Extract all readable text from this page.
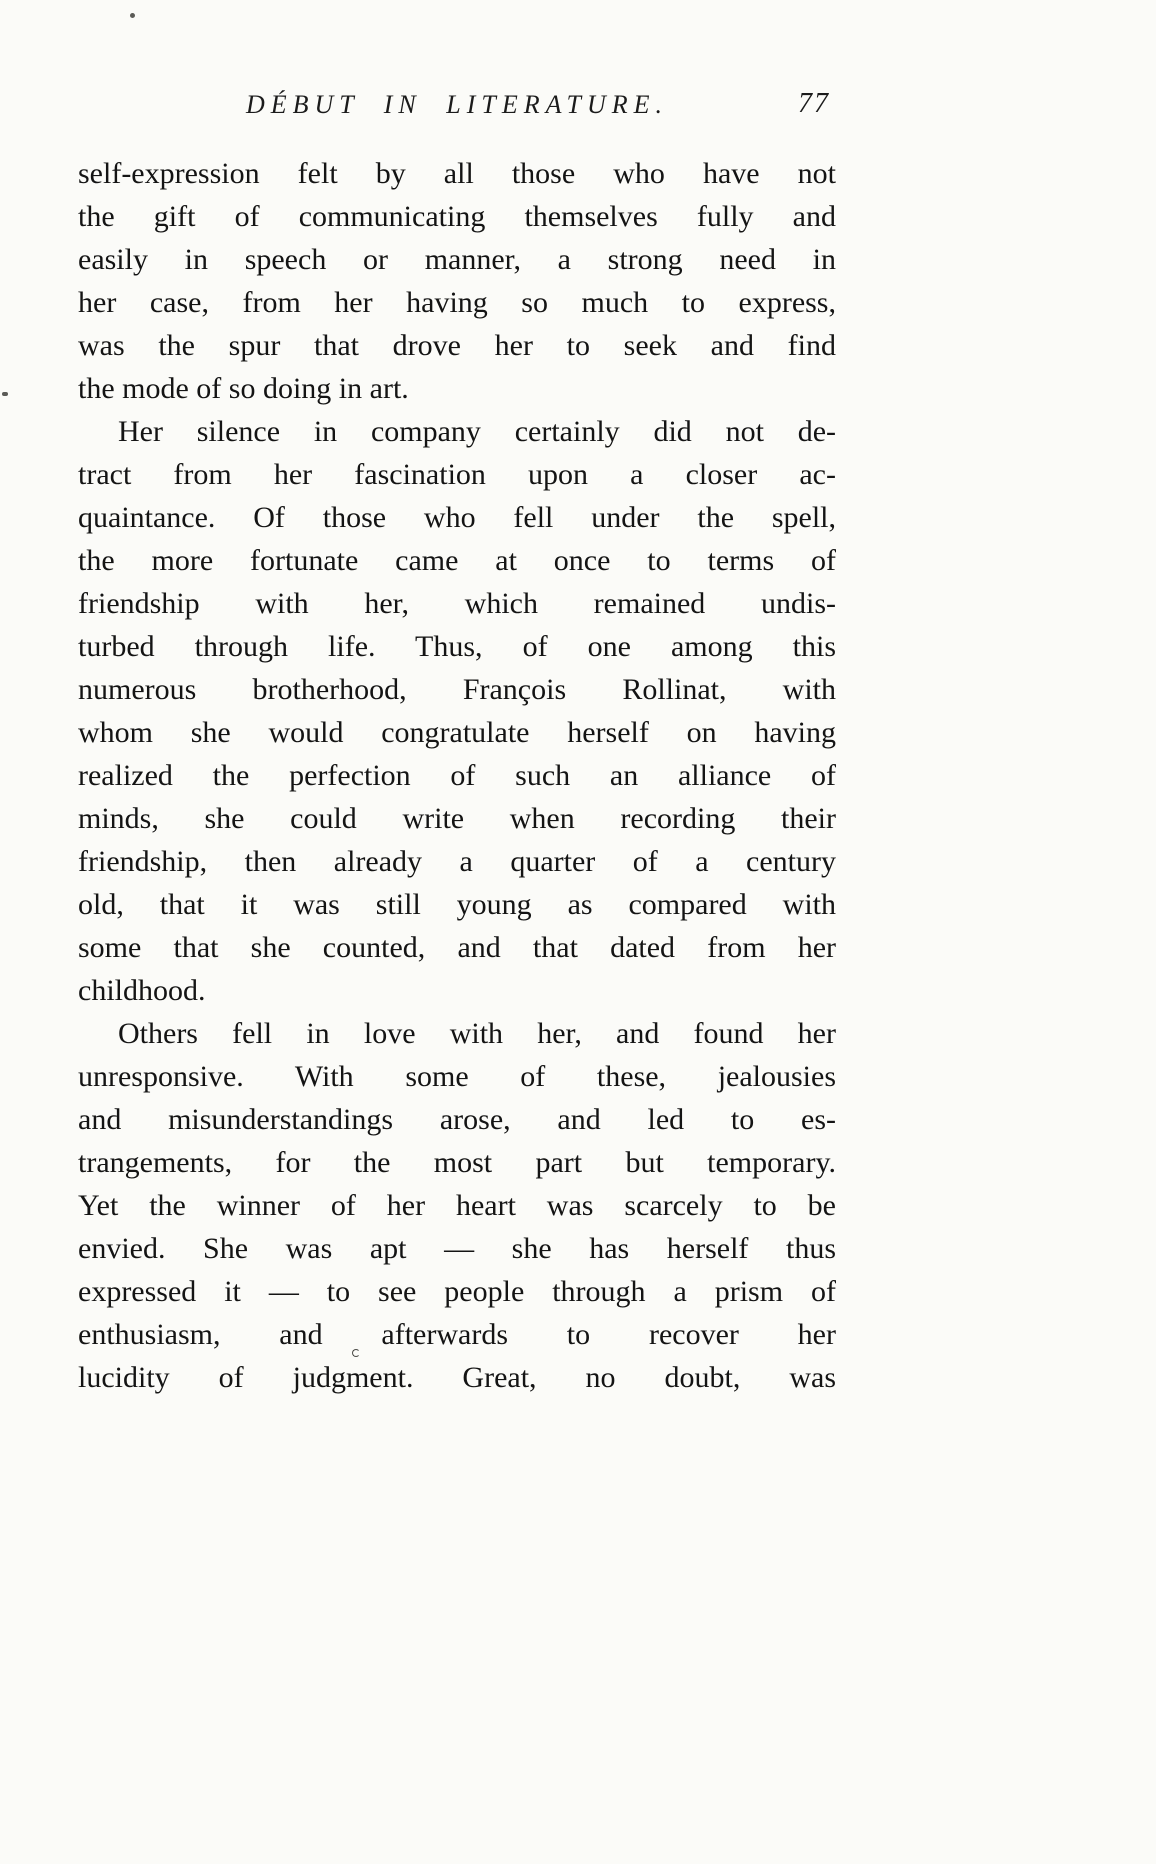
DÉBUT IN LITERATURE.	77
self-expression felt by all those who have not
the gift of communicating themselves fully and
easily in speech or manner, a strong need in
her case, from her having so much to express,
was the spur that drove her to seek and find
the mode of so doing in art.
Her silence in company certainly did not de-
tract from her fascination upon a closer ac-
quaintance. Of those who fell under the spell,
the more fortunate came at once to terms of
friendship with her, which remained undis-
turbed through life. Thus, of one among this
numerous brotherhood, François Rollinat, with
whom she would congratulate herself on having
realized the perfection of such an alliance of
minds, she could write when recording their
friendship, then already a quarter of a century
old, that it was still young as compared with
some that she counted, and that dated from her
childhood.
Others fell in love with her, and found her
unresponsive. With some of these, jealousies
and misunderstandings arose, and led to es-
trangements, for the most part but temporary.
Yet the winner of her heart was scarcely to be
envied. She was apt — she has herself thus
expressed it — to see people through a prism of
enthusiasm, and afterwards to recover her
lucidity of judgment. Great, no doubt, was
